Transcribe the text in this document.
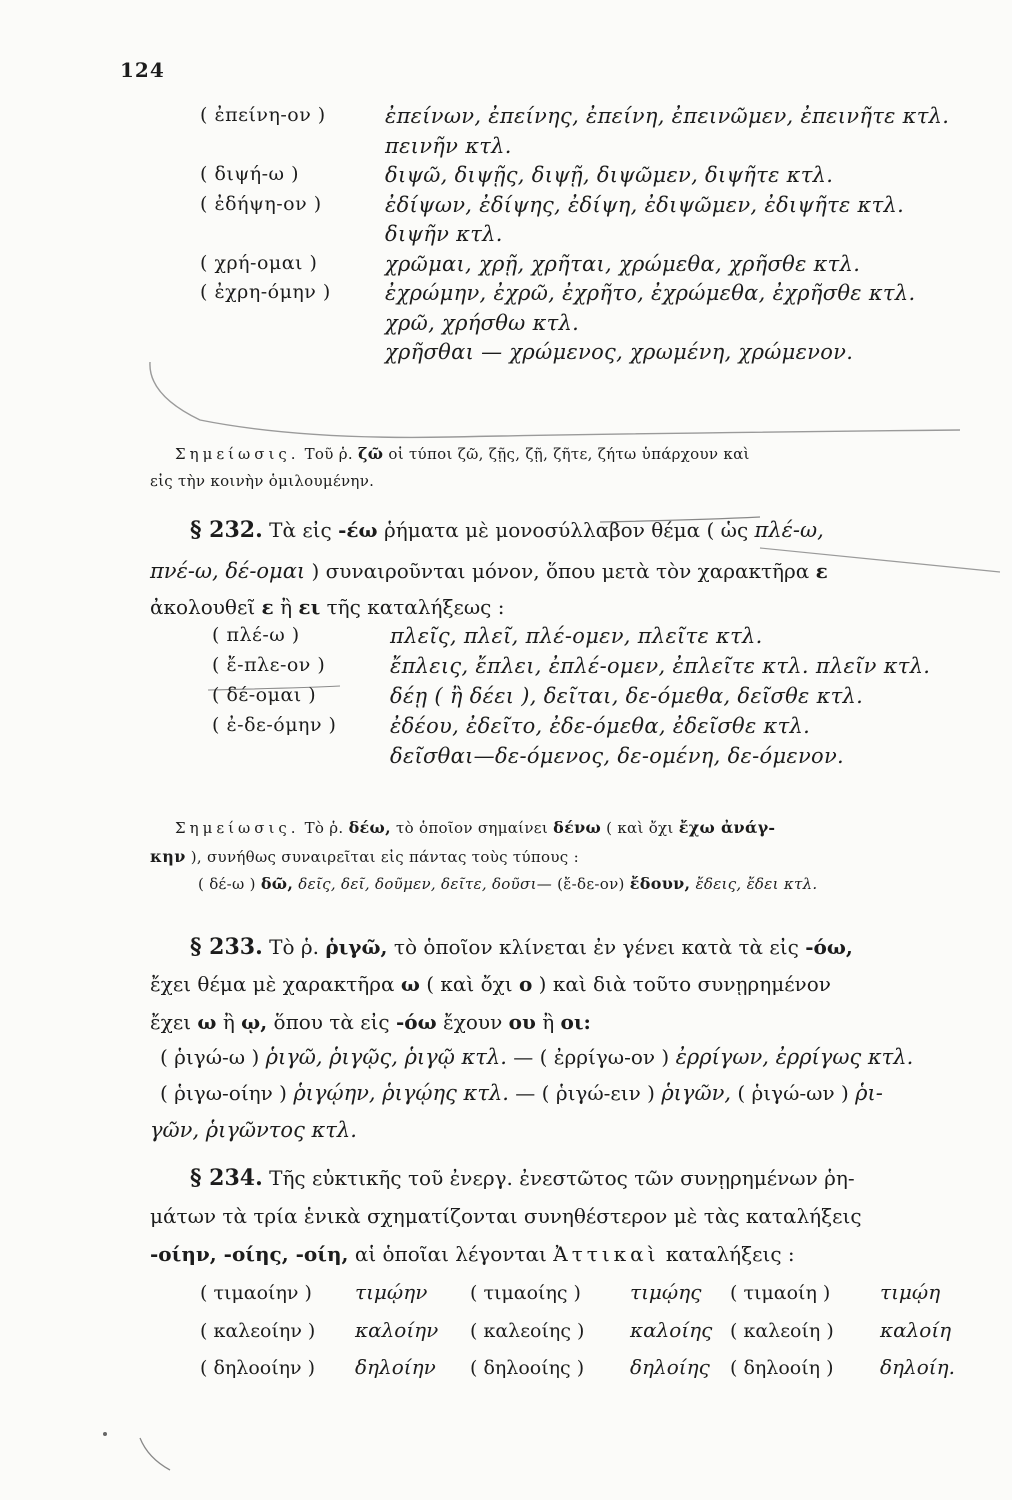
124
( ἐπείνη-ον )	ἐπείνων, ἐπείνης, ἐπείνη, ἐπεινῶμεν, ἐπεινῆτε κτλ.
πεινῆν κτλ.
( διψή-ω )	διψῶ, διψῇς, διψῇ, διψῶμεν, διψῆτε κτλ.
( ἐδήψη-ον )	ἐδίψων, ἐδίψης, ἐδίψη, ἐδιψῶμεν, ἐδιψῆτε κτλ.
διψῆν κτλ.
( χρή-ομαι )	χρῶμαι, χρῇ, χρῆται, χρώμεθα, χρῆσθε κτλ.
( ἐχρη-όμην )	ἐχρώμην, ἐχρῶ, ἐχρῆτο, ἐχρώμεθα, ἐχρῆσθε κτλ.
χρῶ, χρήσθω κτλ.
χρῆσθαι — χρώμενος, χρωμένη, χρώμενον.
Σημείωσις. Τοῦ ῥ. ζῶ οἱ τύποι ζῶ, ζῇς, ζῇ, ζῆτε, ζήτω ὑπάρχουν καὶ
εἰς τὴν κοινὴν ὁμιλουμένην.
§ 232. Τὰ εἰς -έω ῥήματα μὲ μονοσύλλαβον θέμα ( ὡς πλέ-ω,
πνέ-ω, δέ-ομαι ) συναιροῦνται μόνον, ὅπου μετὰ τὸν χαρακτῆρα ε
ἀκολουθεῖ ε ἢ ει τῆς καταλήξεως :
( πλέ-ω )	πλεῖς, πλεῖ, πλέ-ομεν, πλεῖτε κτλ.
( ἔ-πλε-ον )	ἔπλεις, ἔπλει, ἐπλέ-ομεν, ἐπλεῖτε κτλ. πλεῖν κτλ.
( δέ-ομαι )	δέῃ ( ἢ δέει ), δεῖται, δε-όμεθα, δεῖσθε κτλ.
( ἐ-δε-όμην )	ἐδέου, ἐδεῖτο, ἐδε-όμεθα, ἐδεῖσθε κτλ.
δεῖσθαι—δε-όμενος, δε-ομένη, δε-όμενον.
Σημείωσις. Τὸ ῥ. δέω, τὸ ὁποῖον σημαίνει δένω ( καὶ ὄχι ἔχω ἀνάγ-
κην ), συνήθως συναιρεῖται εἰς πάντας τοὺς τύπους :
( δέ-ω ) δῶ, δεῖς, δεῖ, δοῦμεν, δεῖτε, δοῦσι— (ἔ-δε-ον) ἔδουν, ἔδεις, ἔδει κτλ.
§ 233. Τὸ ῥ. ῥιγῶ, τὸ ὁποῖον κλίνεται ἐν γένει κατὰ τὰ εἰς -όω,
ἔχει θέμα μὲ χαρακτῆρα ω ( καὶ ὄχι ο ) καὶ διὰ τοῦτο συνῃρημένον
ἔχει ω ἢ ῳ, ὅπου τὰ εἰς -όω ἔχουν ου ἢ οι:
( ῥιγώ-ω ) ῥιγῶ, ῥιγῷς, ῥιγῷ κτλ. — ( ἐρρίγω-ον ) ἐρρίγων, ἐρρίγως κτλ.
( ῥιγω-οίην ) ῥιγῴην, ῥιγῴης κτλ. — ( ῥιγώ-ειν ) ῥιγῶν, ( ῥιγώ-ων ) ῥι-
γῶν, ῥιγῶντος κτλ.
§ 234. Τῆς εὐκτικῆς τοῦ ἐνεργ. ἐνεστῶτος τῶν συνῃρημένων ῥη-
μάτων τὰ τρία ἑνικὰ σχηματίζονται συνηθέστερον μὲ τὰς καταλήξεις
-οίην, -οίης, -οίη, αἱ ὁποῖαι λέγονται Ἀττικαὶ καταλήξεις :
( τιμαοίην ) τιμῴην ( τιμαοίης ) τιμῴης ( τιμαοίη ) τιμῴη
( καλεοίην ) καλοίην ( καλεοίης ) καλοίης ( καλεοίη ) καλοίη
( δηλοοίην ) δηλοίην ( δηλοοίης ) δηλοίης ( δηλοοίη ) δηλοίη.
